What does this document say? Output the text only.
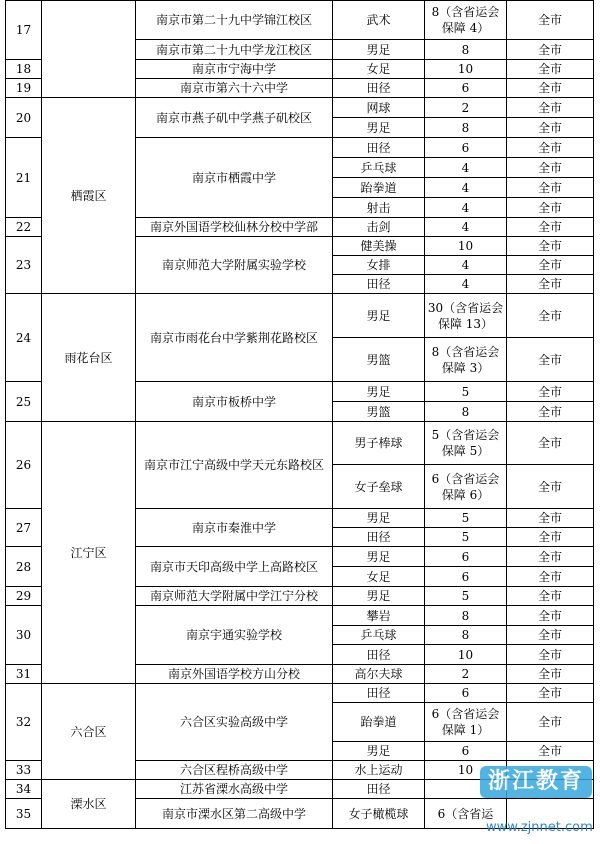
17		南京市第二十九中学锦江校区	武术	8（含省运会保障 4）	全市
		南京市第二十九中学龙江校区	男足	8	全市
18		南京市宁海中学	女足	10	全市
19		南京市第六十六中学	田径	6	全市
20	栖霞区	南京市燕子矶中学燕子矶校区	网球	2	全市
			男足	8	全市
21		南京市栖霞中学	田径	6	全市
			乒乓球	4	全市
			跆拳道	4	全市
			射击	4	全市
22		南京外国语学校仙林分校中学部	击剑	4	全市
23		南京师范大学附属实验学校	健美操	10	全市
			女排	4	全市
			田径	4	全市
24	雨花台区	南京市雨花台中学紫荆花路校区	男足	30（含省运会保障 13）	全市
			男篮	8（含省运会保障 3）	全市
25		南京市板桥中学	男足	5	全市
			男篮	8	全市
26	江宁区	南京市江宁高级中学天元东路校区	男子棒球	5（含省运会保障 5）	全市
			女子垒球	6（含省运会保障 6）	全市
27		南京市秦淮中学	男足	5	全市
			田径	5	全市
28		南京市天印高级中学上高路校区	男足	6	全市
			女足	6	全市
29		南京师范大学附属中学江宁分校	男足	5	全市
30		南京宇通实验学校	攀岩	8	全市
			乒乓球	8	全市
			田径	10	全市
31		南京外国语学校方山分校	高尔夫球	2	全市
32	六合区	六合区实验高级中学	田径	6	全市
			跆拳道	6（含省运会保障 1）	全市
			男足	6	全市
33		六合区程桥高级中学	水上运动	10	
34	溧水区	江苏省溧水高级中学	田径		
35		南京市溧水区第二高级中学	女子橄榄球	6（含省运	
浙江教育网
www.zjnnet.com
